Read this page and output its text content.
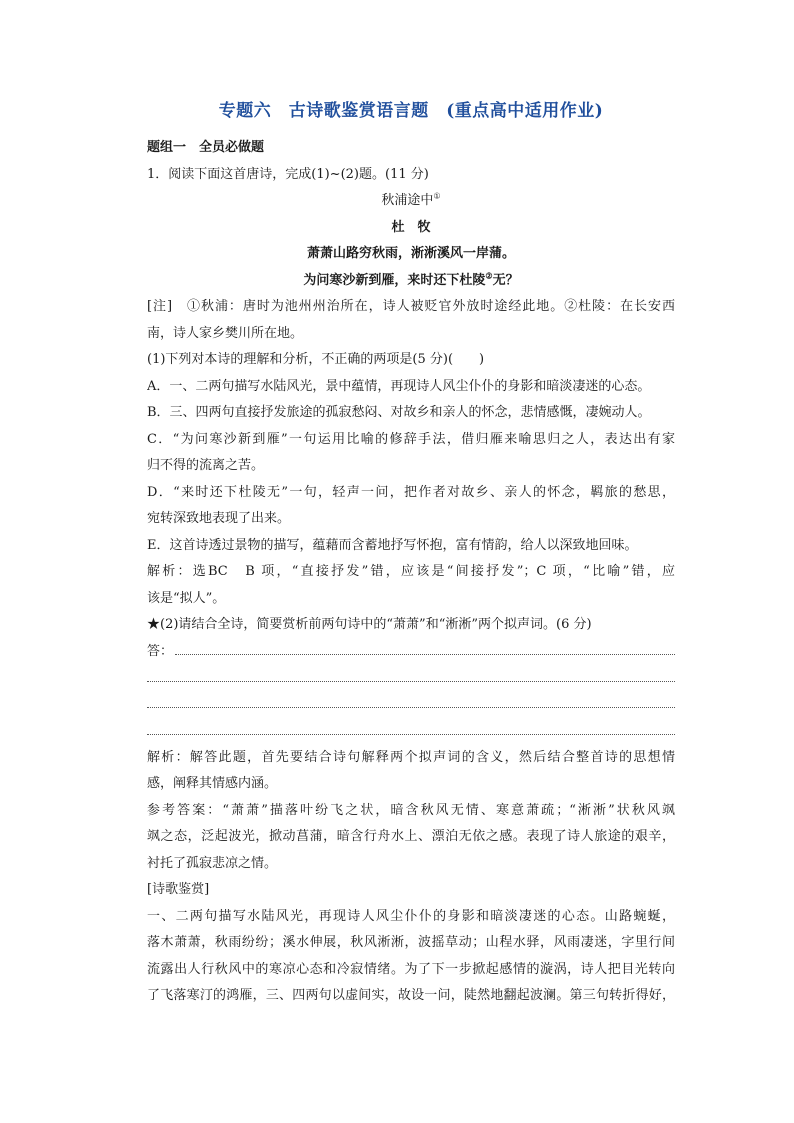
专题六　古诗歌鉴赏语言题　(重点高中适用作业)
题组一　全员必做题
1．阅读下面这首唐诗，完成(1)~(2)题。(11 分)
秋浦途中①
杜　牧
萧萧山路穷秋雨，淅淅溪风一岸蒲。
为问寒沙新到雁，来时还下杜陵②无？
[注]　①秋浦：唐时为池州州治所在，诗人被贬官外放时途经此地。②杜陵：在长安西
南，诗人家乡樊川所在地。
(1)下列对本诗的理解和分析，不正确的两项是(5 分)(　　)
A．一、二两句描写水陆风光，景中蕴情，再现诗人风尘仆仆的身影和暗淡凄迷的心态。
B．三、四两句直接抒发旅途的孤寂愁闷、对故乡和亲人的怀念，悲情感慨，凄婉动人。
C．“为问寒沙新到雁”一句运用比喻的修辞手法，借归雁来喻思归之人，表达出有家
归不得的流离之苦。
D．“来时还下杜陵无”一句，轻声一问，把作者对故乡、亲人的怀念，羁旅的愁思，
宛转深致地表现了出来。
E．这首诗透过景物的描写，蕴藉而含蓄地抒写怀抱，富有情韵，给人以深致地回味。
解析：选BC　B 项，“直接抒发”错，应该是“间接抒发”；C 项，“比喻”错，应
该是“拟人”。
★(2)请结合全诗，简要赏析前两句诗中的“萧萧”和“淅淅”两个拟声词。(6 分)
答：
解析：解答此题，首先要结合诗句解释两个拟声词的含义，然后结合整首诗的思想情
感，阐释其情感内涵。
参考答案：“萧萧”描落叶纷飞之状，暗含秋风无情、寒意萧疏；“淅淅”状秋风飒
飒之态，泛起波光，掀动菖蒲，暗含行舟水上、漂泊无依之感。表现了诗人旅途的艰辛，
衬托了孤寂悲凉之情。
[诗歌鉴赏]
一、二两句描写水陆风光，再现诗人风尘仆仆的身影和暗淡凄迷的心态。山路蜿蜒，
落木萧萧，秋雨纷纷；溪水伸展，秋风淅淅，波摇草动；山程水驿，风雨凄迷，字里行间
流露出人行秋风中的寒凉心态和冷寂情绪。为了下一步掀起感情的漩涡，诗人把目光转向
了飞落寒汀的鸿雁，三、四两句以虚间实，故设一问，陡然地翻起波澜。第三句转折得好，
